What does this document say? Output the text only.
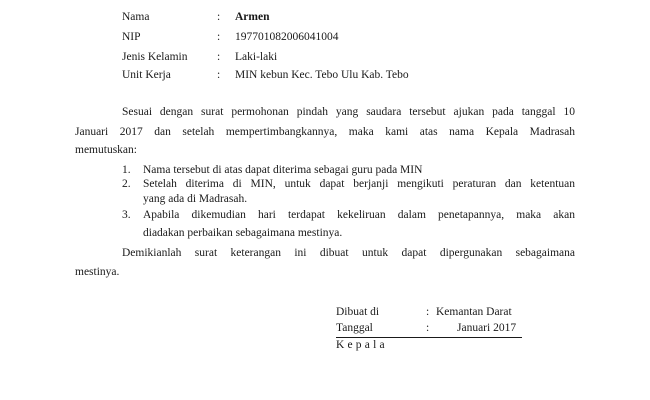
Nama	: Armen
NIP	: 197701082006041004
Jenis Kelamin	: Laki-laki
Unit Kerja	: MIN kebun Kec. Tebo Ulu Kab. Tebo
Sesuai dengan surat permohonan pindah yang saudara tersebut ajukan pada tanggal 10
Januari 2017 dan setelah mempertimbangkannya, maka kami atas nama Kepala Madrasah
memutuskan:
1. Nama tersebut di atas dapat diterima sebagai guru pada MIN
2. Setelah diterima di MIN, untuk dapat berjanji mengikuti peraturan dan ketentuan
yang ada di Madrasah.
3. Apabila dikemudian hari terdapat kekeliruan dalam penetapannya, maka akan
diadakan perbaikan sebagaimana mestinya.
Demikianlah surat keterangan ini dibuat untuk dapat dipergunakan sebagaimana
mestinya.
Dibuat di	: Kemantan Darat
Tanggal	: Januari 2017
Kepala
